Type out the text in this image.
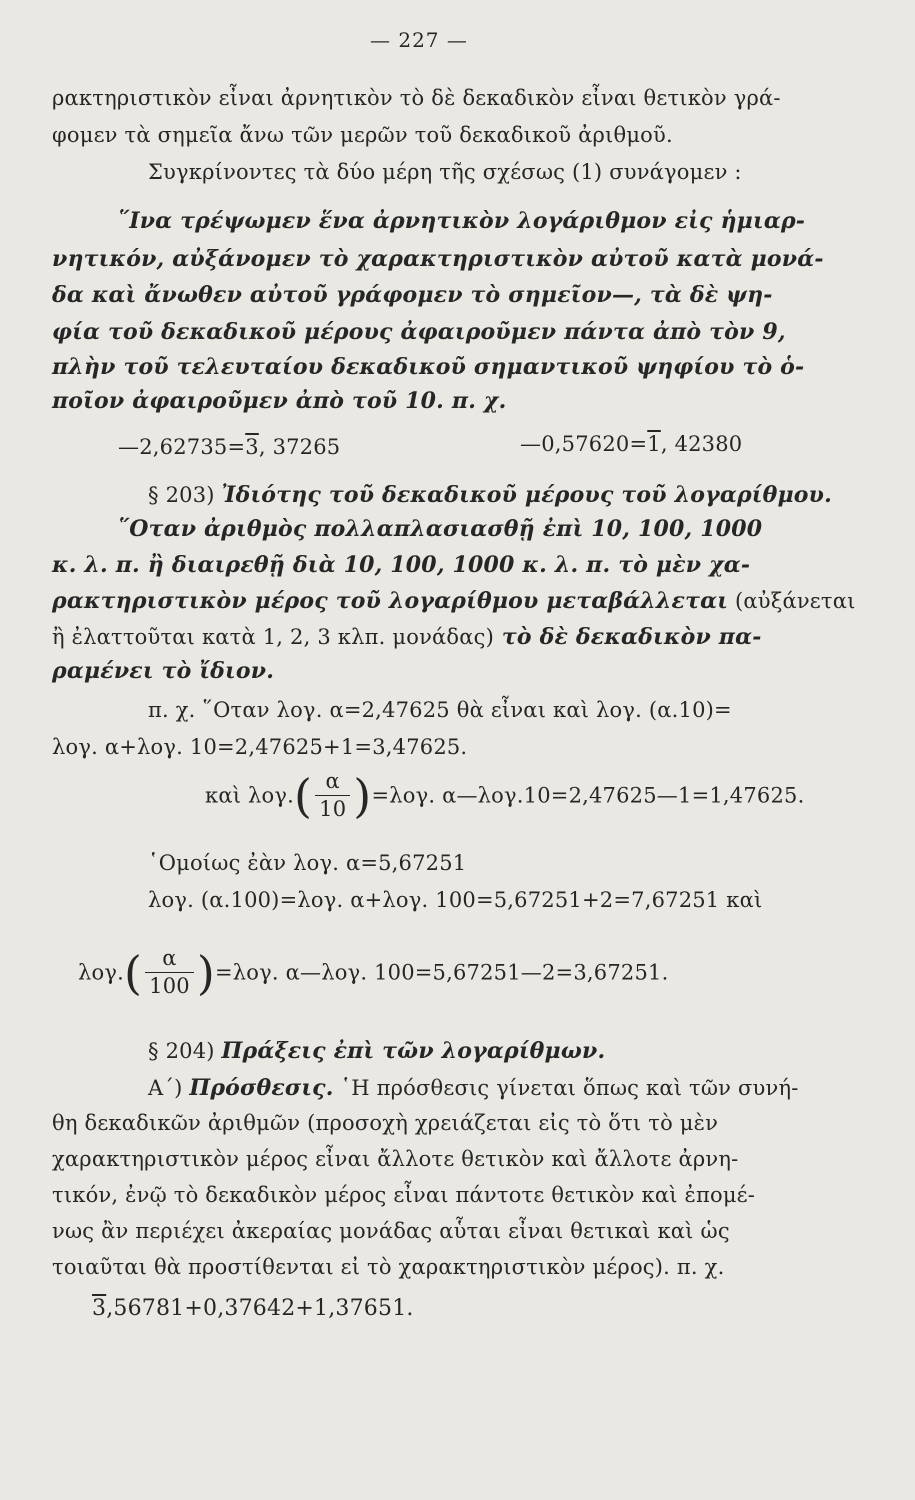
— 227 —
ρακτηριστικὸν εἶναι ἀρνητικὸν τὸ δὲ δεκαδικὸν εἶναι θετικὸν γρά-
φομεν τὰ σημεῖα ἄνω τῶν μερῶν τοῦ δεκαδικοῦ ἀριθμοῦ.
Συγκρίνοντες τὰ δύο μέρη τῆς σχέσως (1) συνάγομεν :
῞Ινα τρέψωμεν ἕνα ἀρνητικὸν λογάριθμον εἰς ἡμιαρ-
νητικόν, αὐξάνομεν τὸ χαρακτηριστικὸν αὐτοῦ κατὰ μονά-
δα καὶ ἄνωθεν αὐτοῦ γράφομεν τὸ σημεῖον—, τὰ δὲ ψη-
φία τοῦ δεκαδικοῦ μέρους ἀφαιροῦμεν πάντα ἀπὸ τὸν 9,
πλὴν τοῦ τελευταίου δεκαδικοῦ σημαντικοῦ ψηφίου τὸ ὁ-
ποῖον ἀφαιροῦμεν ἀπὸ τοῦ 10. π. χ.
—2,62735=3, 37265	—0,57620=1, 42380
§ 203) Ἰδιότης τοῦ δεκαδικοῦ μέρους τοῦ λογαρίθμου.
῞Οταν ἀριθμὸς πολλαπλασιασθῇ ἐπὶ 10, 100, 1000
κ. λ. π. ἢ διαιρεθῇ διὰ 10, 100, 1000 κ. λ. π. τὸ μὲν χα-
ρακτηριστικὸν μέρος τοῦ λογαρίθμου μεταβάλλεται (αὐξάνεται
ἢ ἐλαττοῦται κατὰ 1, 2, 3 κλπ. μονάδας) τὸ δὲ δεκαδικὸν πα-
ραμένει τὸ ἴδιον.
π. χ. ῞Οταν λογ. α=2,47625 θὰ εἶναι καὶ λογ. (α.10)=
λογ. α+λογ. 10=2,47625+1=3,47625.
καὶ $\lambda o\gamma.( \frac{\alpha}{10} )=\lambda o\gamma$. α—λογ.10=2,47625—1=1,47625.
῾Ομοίως ἐὰν λογ. α=5,67251
λογ. (α.100)=λογ. α+λογ. 100=5,67251+2=7,67251 καὶ
$\lambda o\gamma.( \frac{\alpha}{100} )=\lambda o\gamma$. α—λογ. 100=5,67251—2=3,67251.
§ 204) Πράξεις ἐπὶ τῶν λογαρίθμων.
Α΄) Πρόσθεσις. ῾Η πρόσθεσις γίνεται ὅπως καὶ τῶν συνή-
θη δεκαδικῶν ἀριθμῶν (προσοχὴ χρειάζεται εἰς τὸ ὅτι τὸ μὲν
χαρακτηριστικὸν μέρος εἶναι ἄλλοτε θετικὸν καὶ ἄλλοτε ἀρνη-
τικόν, ἐνῷ τὸ δεκαδικὸν μέρος εἶναι πάντοτε θετικὸν καὶ ἐπομέ-
νως ἂν περιέχει ἀκεραίας μονάδας αὗται εἶναι θετικαὶ καὶ ὡς
τοιαῦται θὰ προστίθενται εἰ τὸ χαρακτηριστικὸν μέρος). π. χ.
3,56781+0,37642+1,37651.
